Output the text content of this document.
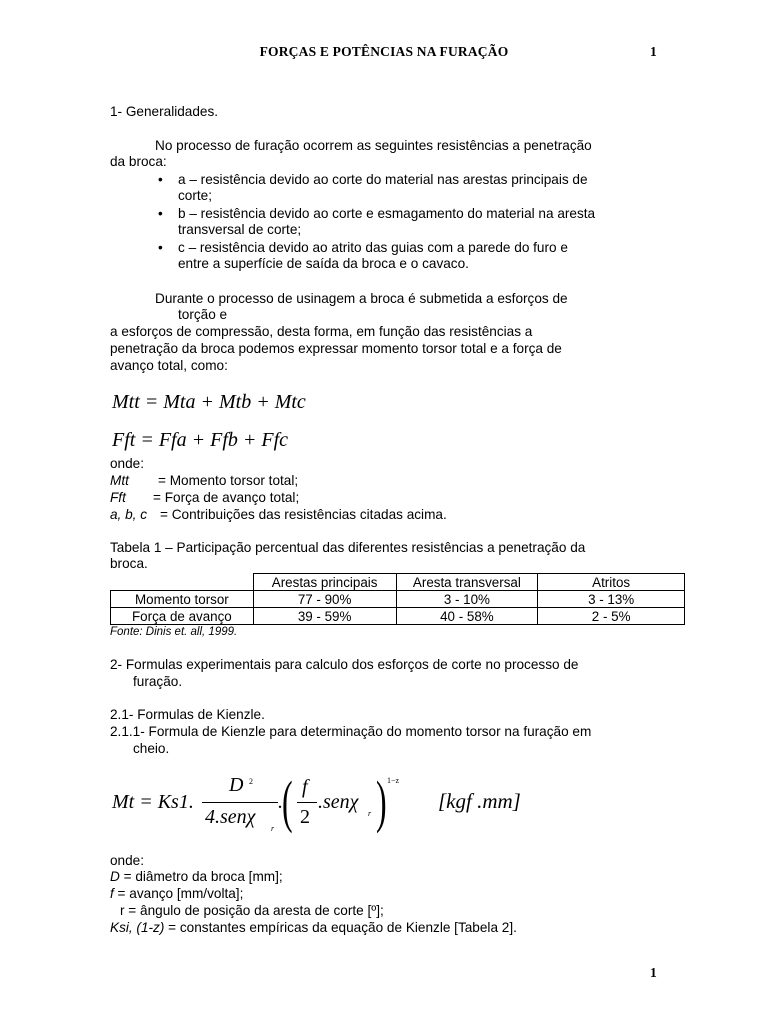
FORÇAS E POTÊNCIAS NA FURAÇÃO	1
1- Generalidades.
No processo de furação ocorrem as seguintes resistências a penetração
da broca:
• a – resistência devido ao corte do material nas arestas principais de
corte;
• b – resistência devido ao corte e esmagamento do material na aresta
transversal de corte;
• c – resistência devido ao atrito das guias com a parede do furo e
entre a superfície de saída da broca e o cavaco.
Durante o processo de usinagem a broca é submetida a esforços de
torção e
a esforços de compressão, desta forma, em função das resistências a
penetração da broca podemos expressar momento torsor total e a força de
avanço total, como:
Mtt = Mta + Mtb + Mtc
Fft = Ffa + Ffb + Ffc
onde:
Mtt = Momento torsor total;
Fft = Força de avanço total;
a, b, c = Contribuições das resistências citadas acima.
Tabela 1 – Participação percentual das diferentes resistências a penetração da
broca.
	Arestas principais	Aresta transversal	Atritos
Momento torsor	77 - 90%	3 - 10%	3 - 13%
Força de avanço	39 - 59%	40 - 58%	2 - 5%
Fonte: Dinis et. all, 1999.
2- Formulas experimentais para calculo dos esforços de corte no processo de
furação.
2.1- Formulas de Kienzle.
2.1.1- Formula de Kienzle para determinação do momento torsor na furação em
cheio.
Mt = Ks1.
D 2
4.senχ
r
. ( f
2
.senχ
r ) 1−z
[kgf .mm]
onde:
D = diâmetro da broca [mm];
f = avanço [mm/volta];
r = ângulo de posição da aresta de corte [º];
Ksi, (1-z) = constantes empíricas da equação de Kienzle [Tabela 2].
1
